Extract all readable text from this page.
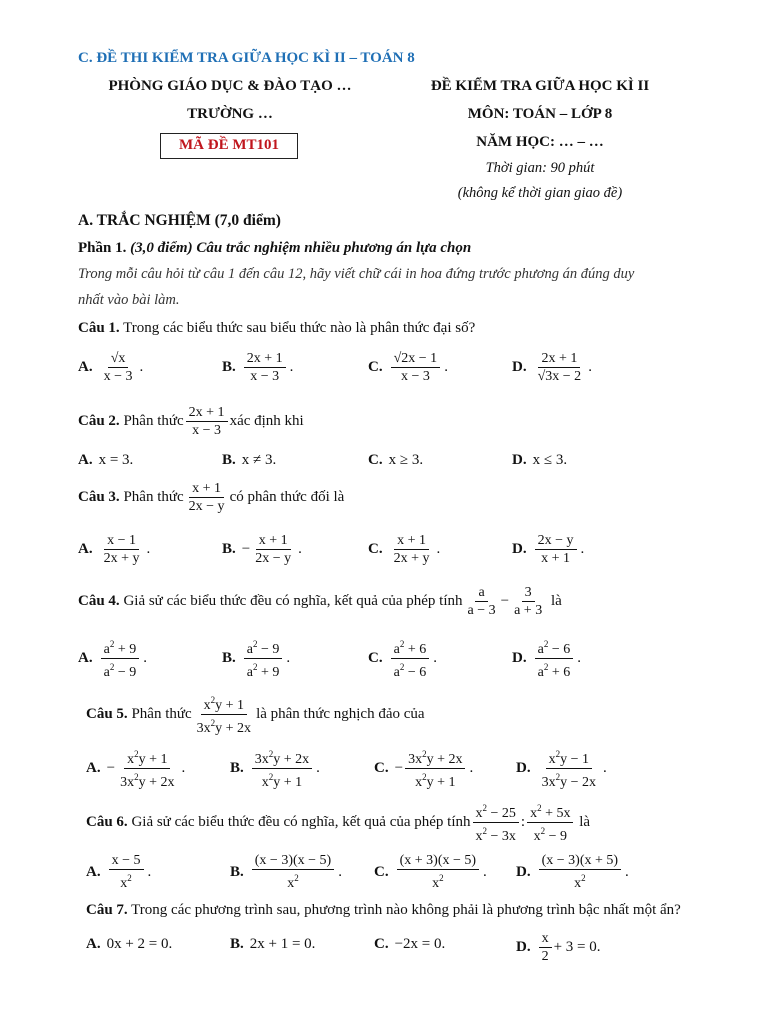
C. ĐỀ THI KIỂM TRA GIỮA HỌC KÌ II – TOÁN 8
PHÒNG GIÁO DỤC & ĐÀO TẠO …
TRƯỜNG …
MÃ ĐỀ MT101
ĐỀ KIỂM TRA GIỮA HỌC KÌ II
MÔN: TOÁN – LỚP 8
NĂM HỌC: … – …
Thời gian: 90 phút
(không kể thời gian giao đề)
A. TRẮC NGHIỆM (7,0 điểm)
Phần 1. (3,0 điểm) Câu trắc nghiệm nhiều phương án lựa chọn
Trong mỗi câu hỏi từ câu 1 đến câu 12, hãy viết chữ cái in hoa đứng trước phương án đúng duy
nhất vào bài làm.
Câu 1. Trong các biểu thức sau biểu thức nào là phân thức đại số?
A. $\frac{√x}{x - 3}$ .	B. $\frac{2x + 1}{x - 3}$ .	C. $\frac{√2x - 1}{x - 3}$ .	D. $\frac{2x + 1}{√3x - 2}$ .
Câu 2.
Phân thức $\frac{2x + 1}{x - 3}$ xác định khi
A. x = 3.	B. x ≠ 3.	C. x ≥ 3.	D. x ≤ 3.
Câu 3.
Phân thức $\frac{x + 1}{2x - y}$ có phân thức đối là
A. $\frac{x - 1}{2x + y}$ .	B. − $\frac{x + 1}{2x - y}$ .	C. $\frac{x + 1}{2x + y}$ .	D. $\frac{2x - y}{x + 1}$ .
Câu 4.
Giả sử các biểu thức đều có nghĩa, kết quả của phép tính $\frac{a}{a - 3} - \frac{3}{a + 3}$
là
A. $\frac{a^2 + 9}{a^2 - 9}$ .	B. $\frac{a^2 - 9}{a^2 + 9}$ .	C. $\frac{a^2 + 6}{a^2 - 6}$ .	D. $\frac{a^2 - 6}{a^2 + 6}$ .
Câu 5.
Phân thức $\frac{x^2y + 1}{3x^2y + 2x}$ là phân thức nghịch đảo của
A. − $\frac{x^2y + 1}{3x^2y + 2x}$ .	B. $\frac{3x^2y + 2x}{x^2y + 1}$ .	C. − $\frac{3x^2y + 2x}{x^2y + 1}$ .	D. $\frac{x^2y - 1}{3x^2y - 2x}$ .
Câu 6.
Giả sử các biểu thức đều có nghĩa, kết quả của phép tính $\frac{x^2 - 25}{x^2 - 3x}$ : $\frac{x^2 + 5x}{x^2 - 9}$
là
A. $\frac{x - 5}{x^2}$ .	B. $\frac{(x - 3)(x - 5)}{x^2}$ . C. $\frac{(x + 3)(x - 5)}{x^2}$ . D. $\frac{(x - 3)(x + 5)}{x^2}$ .
Câu 7. Trong các phương trình sau, phương trình nào không phải là phương trình bậc nhất một ẩn?
A. 0x + 2 = 0.	B. 2x + 1 = 0.	C. −2x = 0.	D. $\frac{x}{2} + 3 = 0$.
